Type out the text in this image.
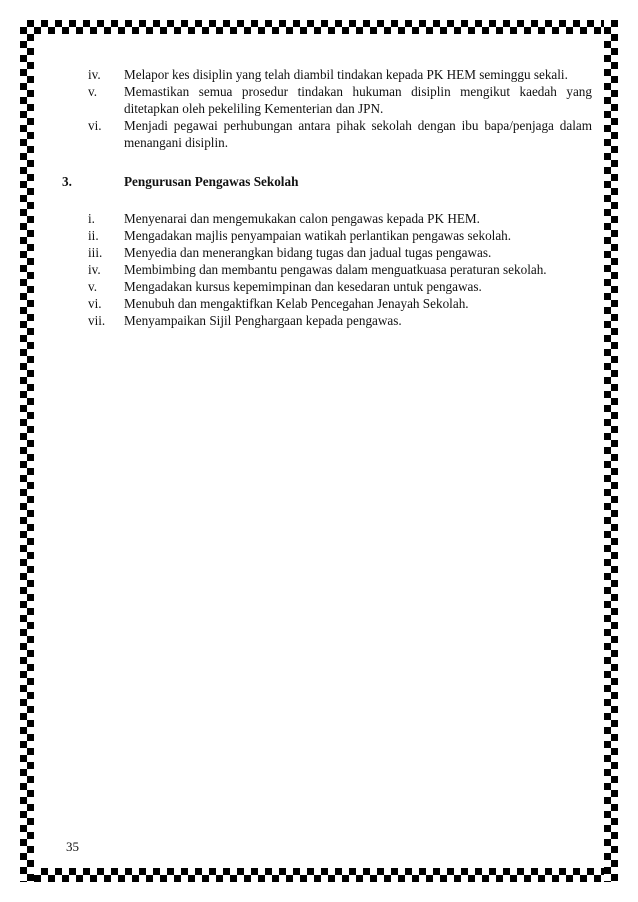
iv.	Melapor kes disiplin yang telah diambil tindakan kepada PK HEM seminggu sekali.
v.	Memastikan semua prosedur tindakan hukuman disiplin mengikut kaedah yang ditetapkan oleh pekeliling Kementerian dan JPN.
vi.	Menjadi pegawai perhubungan antara pihak sekolah dengan ibu bapa/penjaga dalam menangani disiplin.
3.	Pengurusan Pengawas Sekolah
i.	Menyenarai dan mengemukakan calon pengawas kepada PK HEM.
ii.	Mengadakan majlis penyampaian watikah perlantikan pengawas sekolah.
iii.	Menyedia dan menerangkan bidang tugas dan jadual tugas pengawas.
iv.	Membimbing dan membantu pengawas dalam menguatkuasa peraturan sekolah.
v.	Mengadakan kursus kepemimpinan dan kesedaran untuk pengawas.
vi.	Menubuh dan mengaktifkan Kelab Pencegahan Jenayah Sekolah.
vii.	Menyampaikan Sijil Penghargaan kepada pengawas.
35
